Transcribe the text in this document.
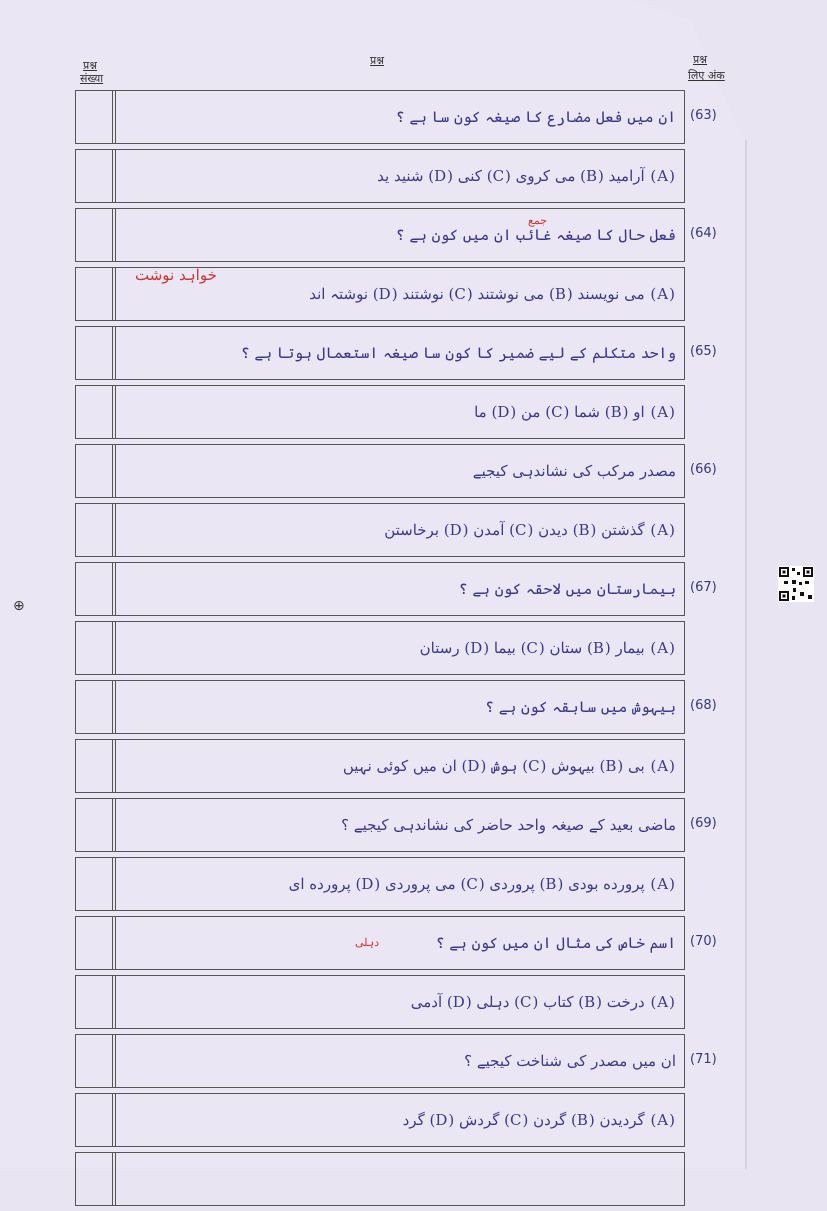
प्रश्न
संख्या
प्रश्न	प्रश्न
लिए अंक
ان میں فعل مضارع کا صیغہ کون سا ہے ؟
(A) آرامید (B) می کروی (C) کنی (D) شنید ید
فعل حال کا صیغہ غائب ان میں کون ہے ؟
(A) می نویسند (B) می نوشتند (C) نوشتند (D) نوشتہ اند
واحد متکلم کے لیے ضمیر کا کون سا صیغہ استعمال ہوتا ہے ؟
(A) او (B) شما (C) من (D) ما
مصدر مرکب کی نشاندہی کیجیے
(A) گذشتن (B) دیدن (C) آمدن (D) برخاستن
بیمارستان میں لاحقہ کون ہے ؟
(A) بیمار (B) ستان (C) بیما (D) رستان
بیہوش میں سابقہ کون ہے ؟
(A) بی (B) بیہوش (C) ہوش (D) ان میں کوئی نہیں
ماضی بعید کے صیغہ واحد حاضر کی نشاندہی کیجیے ؟
(A) پرورده بودی (B) پروردی (C) می پروردی (D) پرورده ای
اسم خاص کی مثال ان میں کون ہے ؟
(A) درخت (B) کتاب (C) دہلی (D) آدمی
ان میں مصدر کی شناخت کیجیے ؟
(A) گردیدن (B) گردن (C) گردش (D) گرد
خواہد نوشت
جمع
دہلی
⊕
(63)
(64)
(65)
(66)
(67)
(68)
(69)
(70)
(71)
